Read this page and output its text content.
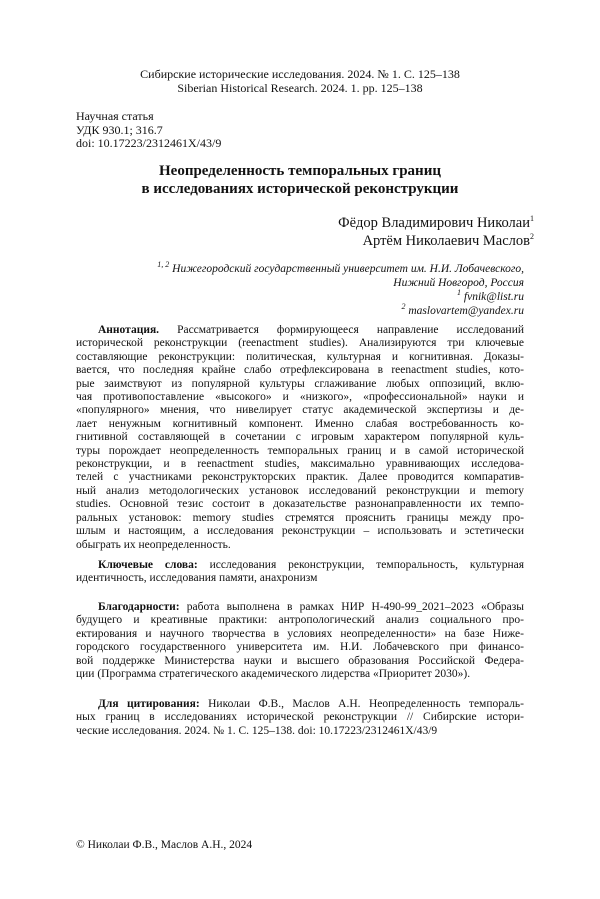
Сибирские исторические исследования. 2024. № 1. С. 125–138
Siberian Historical Research. 2024. 1. pp. 125–138
Научная статья
УДК 930.1; 316.7
doi: 10.17223/2312461X/43/9
Неопределенность темпоральных границ
в исследованиях исторической реконструкции
Фёдор Владимирович Николаи$^1$
Артём Николаевич Маслов$^2$
$^{1, 2}$ Нижегородский государственный университет им. Н.И. Лобачевского,
Нижний Новгород, Россия
$^1$ fvnik@list.ru
$^2$ maslovartem@yandex.ru
Аннотация. Рассматривается формирующееся направление исследований
исторической реконструкции (reenactment studies). Анализируются три ключевые
составляющие реконструкции: политическая, культурная и когнитивная. Доказы-
вается, что последняя крайне слабо отрефлексирована в reenactment studies, кото-
рые заимствуют из популярной культуры сглаживание любых оппозиций, вклю-
чая противопоставление «высокого» и «низкого», «профессиональной» науки и
«популярного» мнения, что нивелирует статус академической экспертизы и де-
лает ненужным когнитивный компонент. Именно слабая востребованность ко-
гнитивной составляющей в сочетании с игровым характером популярной куль-
туры порождает неопределенность темпоральных границ и в самой исторической
реконструкции, и в reenactment studies, максимально уравнивающих исследова-
телей с участниками реконструкторских практик. Далее проводится компаратив-
ный анализ методологических установок исследований реконструкции и memory
studies. Основной тезис состоит в доказательстве разнонаправленности их темпо-
ральных установок: memory studies стремятся прояснить границы между про-
шлым и настоящим, а исследования реконструкции – использовать и эстетически
обыграть их неопределенность.
Ключевые слова: исследования реконструкции, темпоральность, культурная
идентичность, исследования памяти, анахронизм
Благодарности: работа выполнена в рамках НИР Н-490-99_2021–2023 «Образы
будущего и креативные практики: антропологический анализ социального про-
ектирования и научного творчества в условиях неопределенности» на базе Ниже-
городского государственного университета им. Н.И. Лобачевского при финансо-
вой поддержке Министерства науки и высшего образования Российской Федера-
ции (Программа стратегического академического лидерства «Приоритет 2030»).
Для цитирования: Николаи Ф.В., Маслов А.Н. Неопределенность темпораль-
ных границ в исследованиях исторической реконструкции // Сибирские истори-
ческие исследования. 2024. № 1. С. 125–138. doi: 10.17223/2312461X/43/9
© Николаи Ф.В., Маслов А.Н., 2024
